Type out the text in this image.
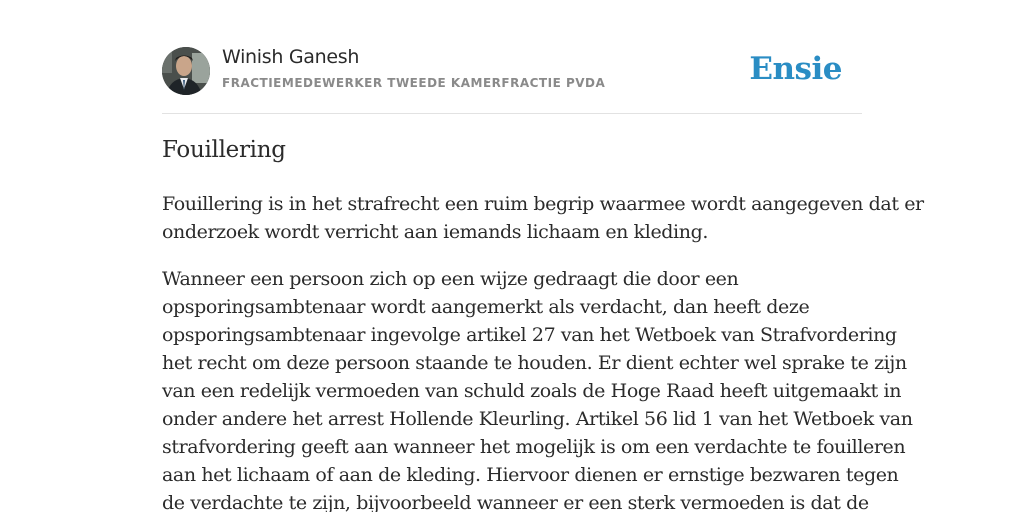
Winish Ganesh
FRACTIEMEDEWERKER TWEEDE KAMERFRACTIE PVDA	Ensie
Fouillering

Fouillering is in het strafrecht een ruim begrip waarmee wordt aangegeven dat er
onderzoek wordt verricht aan iemands lichaam en kleding.

Wanneer een persoon zich op een wijze gedraagt die door een
opsporingsambtenaar wordt aangemerkt als verdacht, dan heeft deze
opsporingsambtenaar ingevolge artikel 27 van het Wetboek van Strafvordering
het recht om deze persoon staande te houden. Er dient echter wel sprake te zijn
van een redelijk vermoeden van schuld zoals de Hoge Raad heeft uitgemaakt in
onder andere het arrest Hollende Kleurling. Artikel 56 lid 1 van het Wetboek van
strafvordering geeft aan wanneer het mogelijk is om een verdachte te fouilleren
aan het lichaam of aan de kleding. Hiervoor dienen er ernstige bezwaren tegen
de verdachte te zijn, bijvoorbeeld wanneer er een sterk vermoeden is dat de
